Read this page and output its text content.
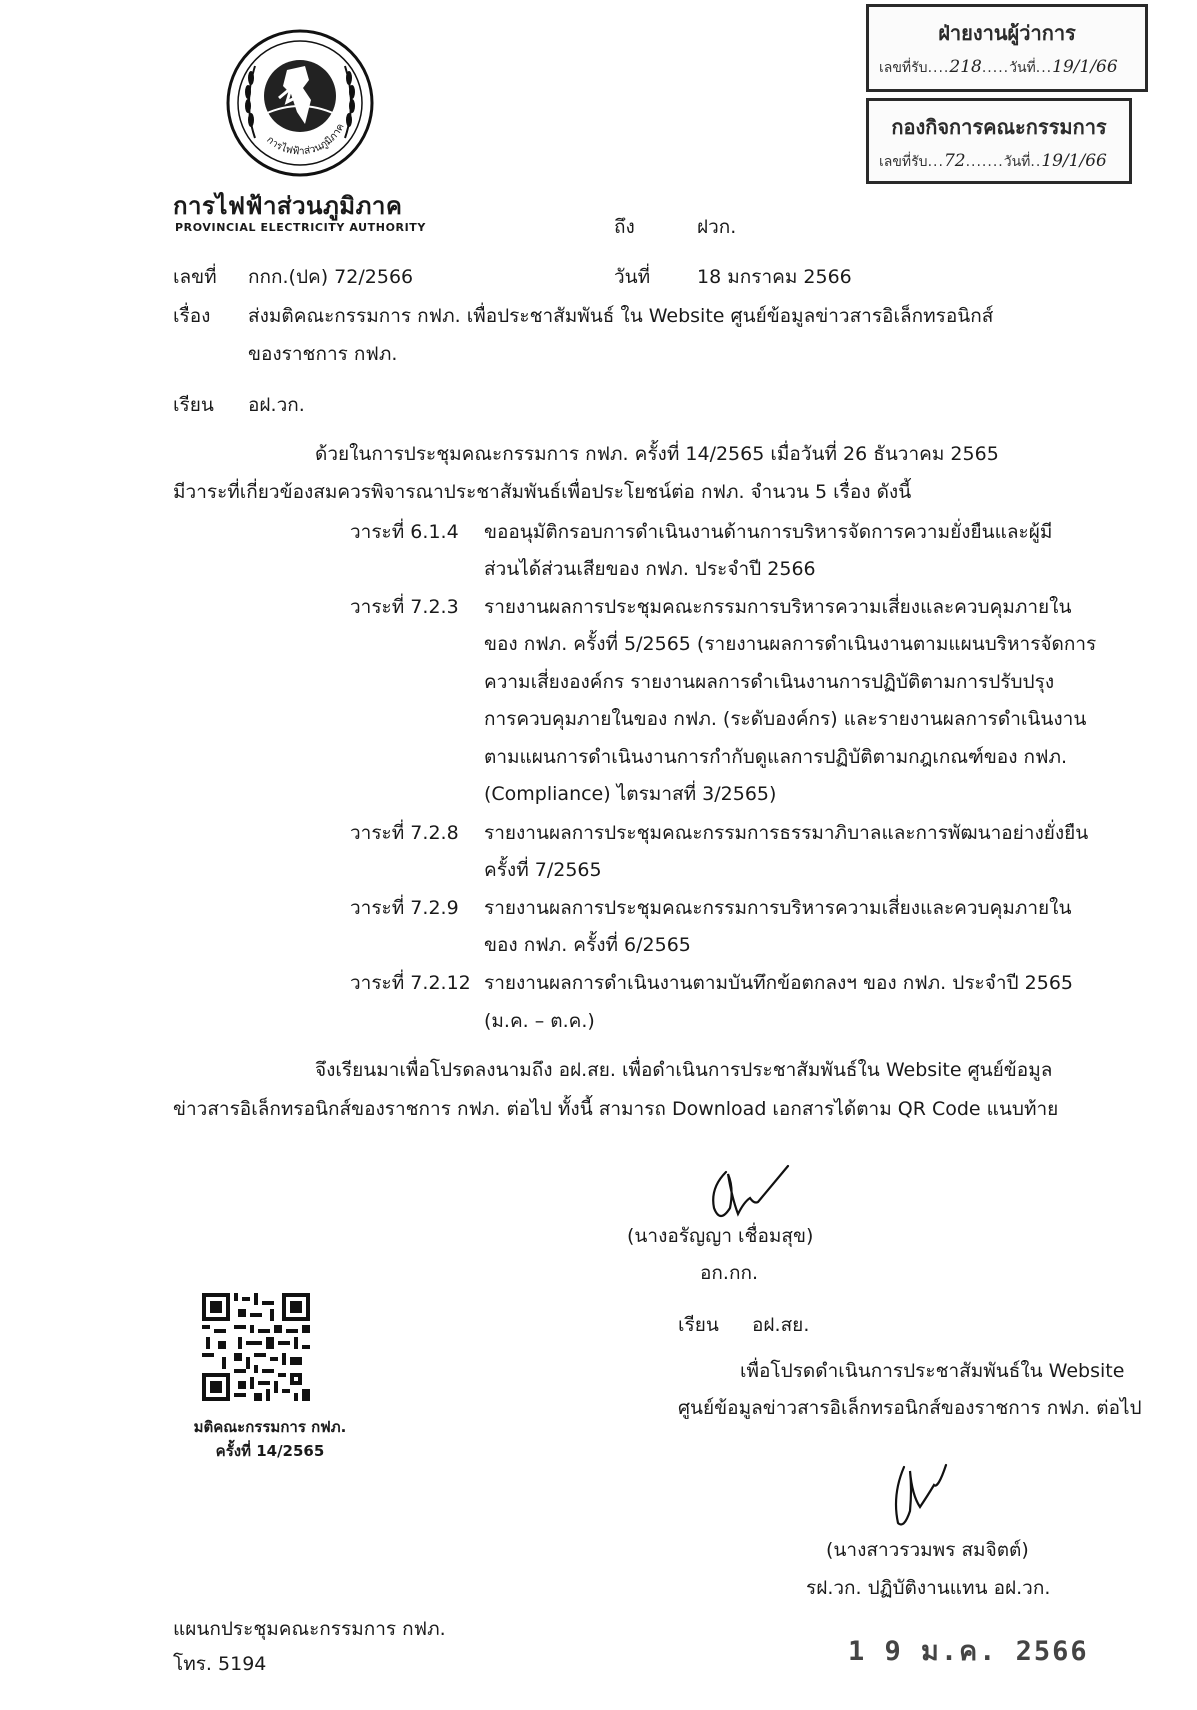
การไฟฟ้าส่วนภูมิภาค
การไฟฟ้าส่วนภูมิภาค
PROVINCIAL ELECTRICITY AUTHORITY
ฝ่ายงานผู้ว่าการ
เลขที่รับ....218.....วันที่...19/1/66
กองกิจการคณะกรรมการ
เลขที่รับ...72.......วันที่..19/1/66
ถึง	ฝวก.
เลขที่ กกก.(ปค) 72/2566	วันที่ 18 มกราคม 2566
เรื่อง ส่งมติคณะกรรมการ กฟภ. เพื่อประชาสัมพันธ์ ใน Website ศูนย์ข้อมูลข่าวสารอิเล็กทรอนิกส์
ของราชการ กฟภ.
เรียน อฝ.วก.
ด้วยในการประชุมคณะกรรมการ กฟภ. ครั้งที่ 14/2565 เมื่อวันที่ 26 ธันวาคม 2565
มีวาระที่เกี่ยวข้องสมควรพิจารณาประชาสัมพันธ์เพื่อประโยชน์ต่อ กฟภ. จำนวน 5 เรื่อง ดังนี้
วาระที่ 6.1.4 ขออนุมัติกรอบการดำเนินงานด้านการบริหารจัดการความยั่งยืนและผู้มี
ส่วนได้ส่วนเสียของ กฟภ. ประจำปี 2566
วาระที่ 7.2.3 รายงานผลการประชุมคณะกรรมการบริหารความเสี่ยงและควบคุมภายใน
ของ กฟภ. ครั้งที่ 5/2565 (รายงานผลการดำเนินงานตามแผนบริหารจัดการ
ความเสี่ยงองค์กร รายงานผลการดำเนินงานการปฏิบัติตามการปรับปรุง
การควบคุมภายในของ กฟภ. (ระดับองค์กร) และรายงานผลการดำเนินงาน
ตามแผนการดำเนินงานการกำกับดูแลการปฏิบัติตามกฎเกณฑ์ของ กฟภ.
(Compliance) ไตรมาสที่ 3/2565)
วาระที่ 7.2.8 รายงานผลการประชุมคณะกรรมการธรรมาภิบาลและการพัฒนาอย่างยั่งยืน
ครั้งที่ 7/2565
วาระที่ 7.2.9 รายงานผลการประชุมคณะกรรมการบริหารความเสี่ยงและควบคุมภายใน
ของ กฟภ. ครั้งที่ 6/2565
วาระที่ 7.2.12 รายงานผลการดำเนินงานตามบันทึกข้อตกลงฯ ของ กฟภ. ประจำปี 2565
(ม.ค. – ต.ค.)
จึงเรียนมาเพื่อโปรดลงนามถึง อฝ.สย. เพื่อดำเนินการประชาสัมพันธ์ใน Website ศูนย์ข้อมูล
ข่าวสารอิเล็กทรอนิกส์ของราชการ กฟภ. ต่อไป ทั้งนี้ สามารถ Download เอกสารได้ตาม QR Code แนบท้าย
(นางอรัญญา เชื่อมสุข)
อก.กก.
เรียน อฝ.สย.
เพื่อโปรดดำเนินการประชาสัมพันธ์ใน Website
ศูนย์ข้อมูลข่าวสารอิเล็กทรอนิกส์ของราชการ กฟภ. ต่อไป
(นางสาวรวมพร สมจิตต์)
รฝ.วก. ปฏิบัติงานแทน อฝ.วก.
มติคณะกรรมการ กฟภ.
ครั้งที่ 14/2565
แผนกประชุมคณะกรรมการ กฟภ.
โทร. 5194	1 9 ม.ค. 2566
